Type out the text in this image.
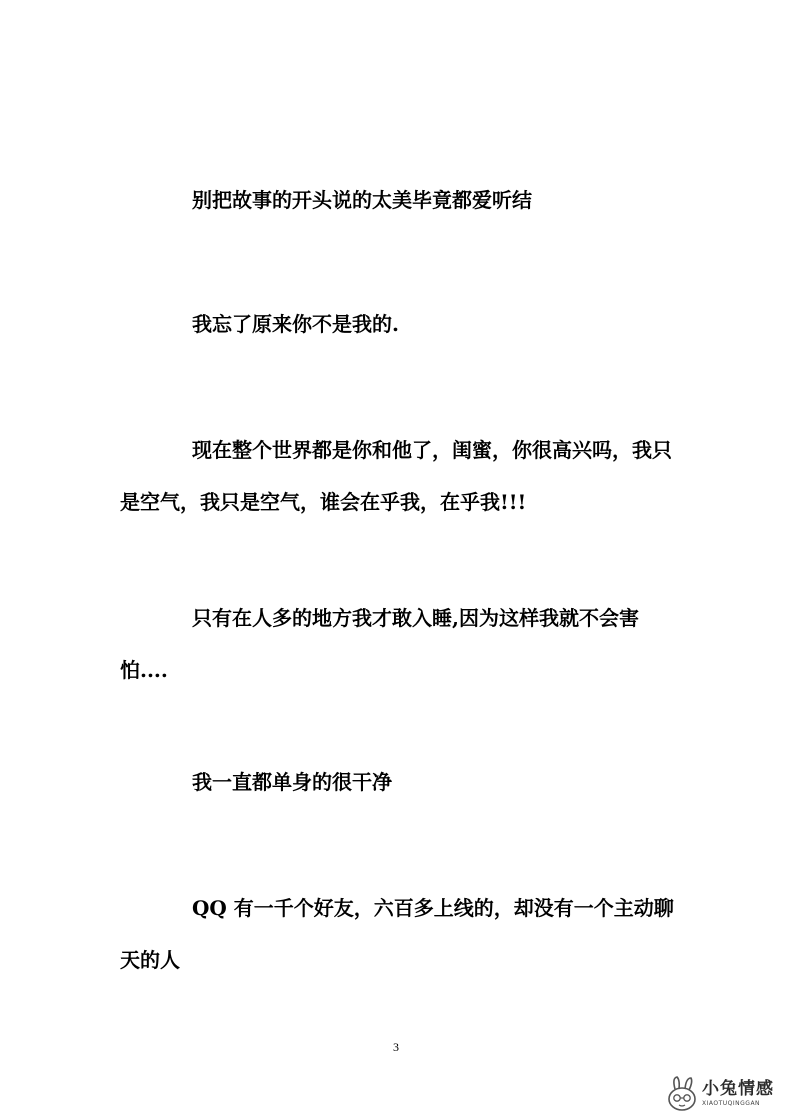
别把故事的开头说的太美毕竟都爱听结

我忘了原来你不是我的.

现在整个世界都是你和他了，闺蜜，你很高兴吗，我只是空气，我只是空气，谁会在乎我，在乎我!!!

只有在人多的地方我才敢入睡,因为这样我就不会害怕....

我一直都单身的很干净

QQ 有一千个好友，六百多上线的，却没有一个主动聊天的人

3
小兔情感
XIAOTUQINGGAN
